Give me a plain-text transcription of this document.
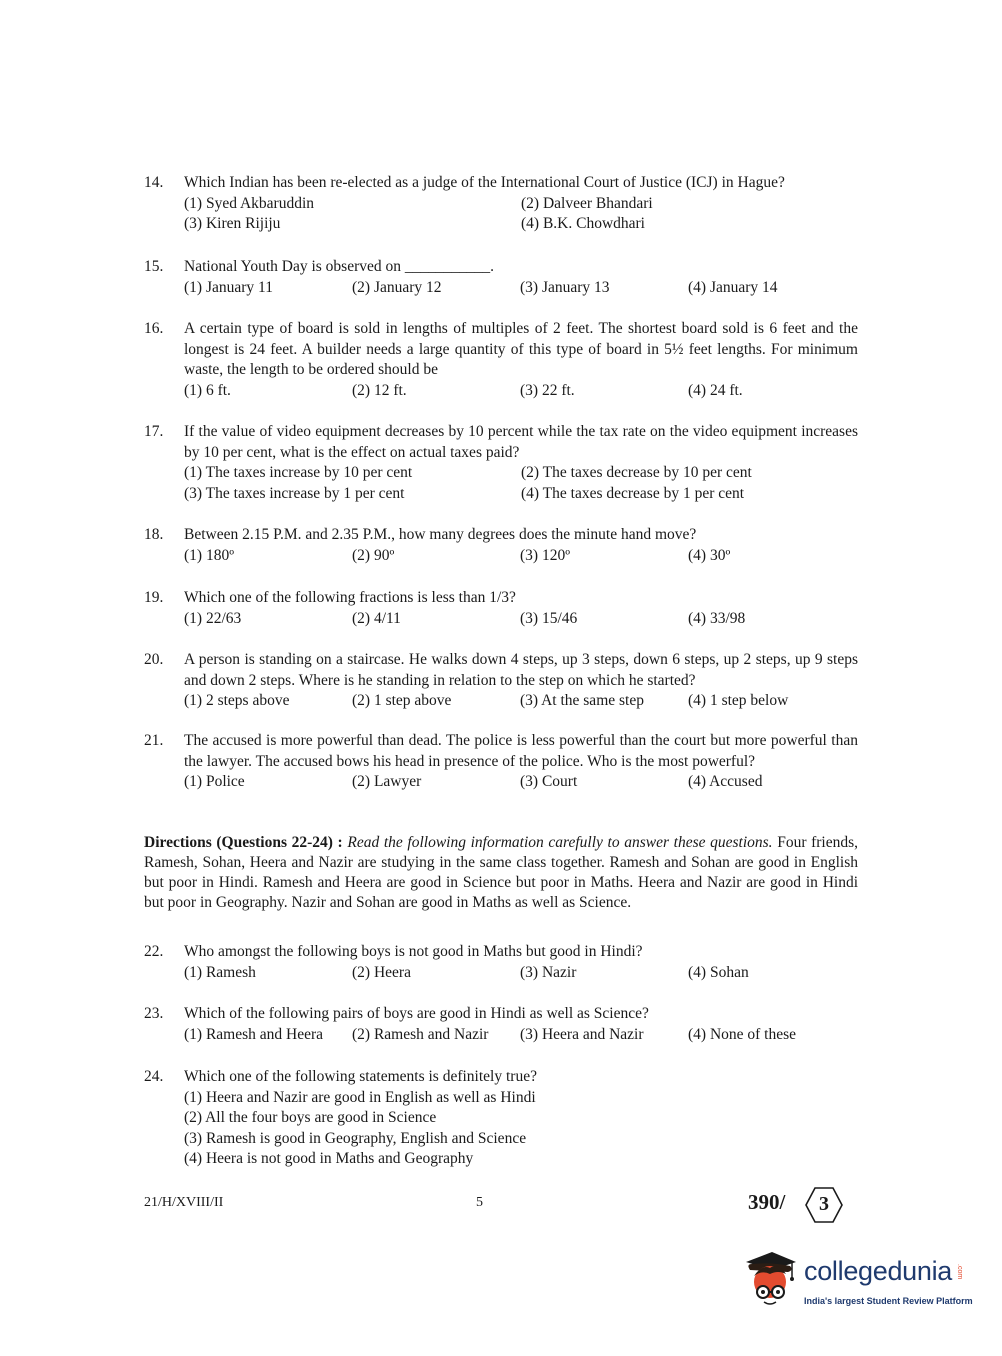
14.	Which Indian has been re-elected as a judge of the International Court of Justice (ICJ) in Hague?
(1) Syed Akbaruddin	(2) Dalveer Bhandari
(3) Kiren Rijiju	(4) B.K. Chowdhari
15.	National Youth Day is observed on ___________.
(1) January 11	(2) January 12	(3) January 13	(4) January 14
16.	A certain type of board is sold in lengths of multiples of 2 feet. The shortest board sold is 6 feet and the longest is 24 feet. A builder needs a large quantity of this type of board in 5½ feet lengths. For minimum waste, the length to be ordered should be
(1) 6 ft.	(2) 12 ft.	(3) 22 ft.	(4) 24 ft.
17.	If the value of video equipment decreases by 10 percent while the tax rate on the video equipment increases by 10 per cent, what is the effect on actual taxes paid?
(1) The taxes increase by 10 per cent	(2) The taxes decrease by 10 per cent
(3) The taxes increase by 1 per cent	(4) The taxes decrease by 1 per cent
18.	Between 2.15 P.M. and 2.35 P.M., how many degrees does the minute hand move?
(1) 180º	(2) 90º	(3) 120º	(4) 30º
19.	Which one of the following fractions is less than 1/3?
(1) 22/63	(2) 4/11	(3) 15/46	(4) 33/98
20.	A person is standing on a staircase. He walks down 4 steps, up 3 steps, down 6 steps, up 2 steps, up 9 steps and down 2 steps. Where is he standing in relation to the step on which he started?
(1) 2 steps above	(2) 1 step above	(3) At the same step	(4) 1 step below
21.	The accused is more powerful than dead. The police is less powerful than the court but more powerful than the lawyer. The accused bows his head in presence of the police. Who is the most powerful?
(1) Police	(2) Lawyer	(3) Court	(4) Accused
Directions (Questions 22-24) : Read the following information carefully to answer these questions. Four friends, Ramesh, Sohan, Heera and Nazir are studying in the same class together. Ramesh and Sohan are good in English but poor in Hindi. Ramesh and Heera are good in Science but poor in Maths. Heera and Nazir are good in Hindi but poor in Geography. Nazir and Sohan are good in Maths as well as Science.
22.	Who amongst the following boys is not good in Maths but good in Hindi?
(1) Ramesh	(2) Heera	(3) Nazir	(4) Sohan
23.	Which of the following pairs of boys are good in Hindi as well as Science?
(1) Ramesh and Heera	(2) Ramesh and Nazir	(3) Heera and Nazir	(4) None of these
24.	Which one of the following statements is definitely true?
(1) Heera and Nazir are good in English as well as Hindi
(2) All the four boys are good in Science
(3) Ramesh is good in Geography, English and Science
(4) Heera is not good in Maths and Geography
21/H/XVIII/II	5	390/	3
collegedunia .com
India's largest Student Review Platform
